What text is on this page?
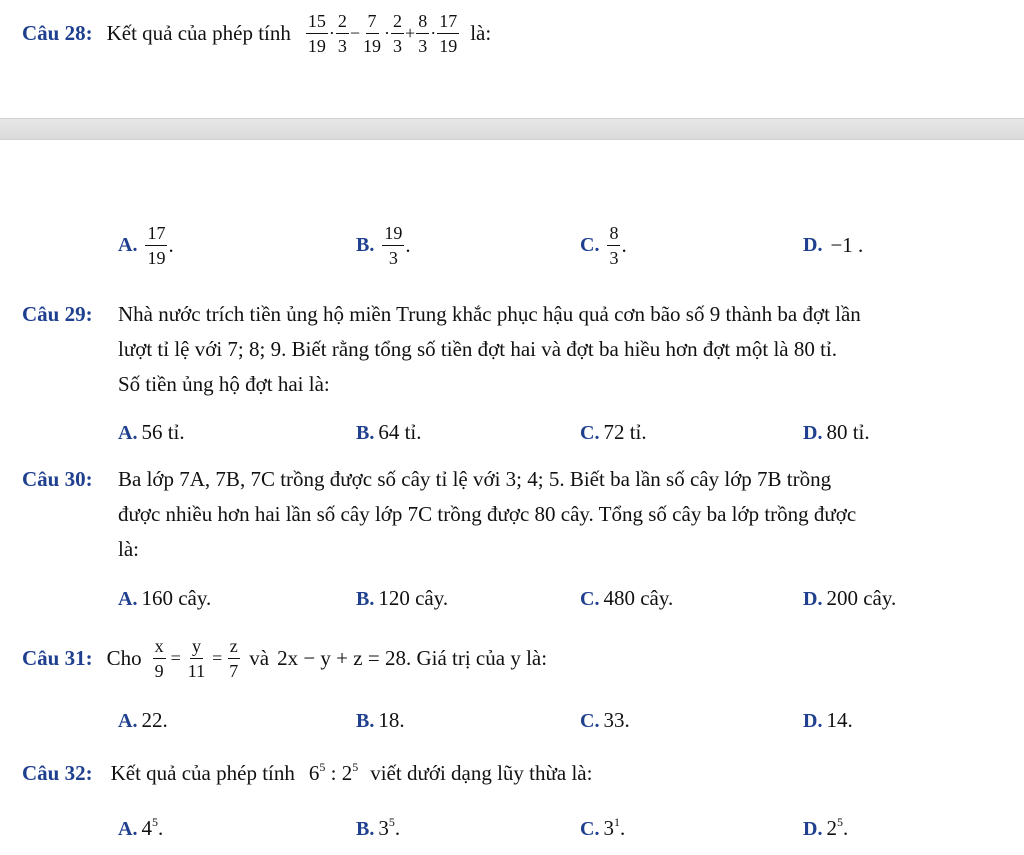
Câu 28: Kết quả của phép tính $\frac{15}{19} \cdot \frac{2}{3} - \frac{7}{19} \cdot \frac{2}{3} + \frac{8}{3} \cdot \frac{17}{19}$ là:
A. $\frac{17}{19}$ .	B. $\frac{19}{3}$ .	C. $\frac{8}{3}$ .	D. −1 .
Câu 29: Nhà nước trích tiền ủng hộ miền Trung khắc phục hậu quả cơn bão số 9 thành ba đợt lần
lượt tỉ lệ với 7; 8; 9. Biết rằng tổng số tiền đợt hai và đợt ba hiều hơn đợt một là 80 tỉ.
Số tiền ủng hộ đợt hai là:
A. 56 tỉ.	B. 64 tỉ.	C. 72 tỉ.	D. 80 tỉ.
Câu 30: Ba lớp 7A, 7B, 7C trồng được số cây tỉ lệ với 3; 4; 5. Biết ba lần số cây lớp 7B trồng
được nhiều hơn hai lần số cây lớp 7C trồng được 80 cây. Tổng số cây ba lớp trồng được
là:
A. 160 cây.	B. 120 cây.	C. 480 cây.	D. 200 cây.
Câu 31: Cho $\frac{x}{9} = \frac{y}{11} = \frac{z}{7}$ và 2x − y + z = 28 . Giá trị của y là:
A. 22.	B. 18.	C. 33.	D. 14.
Câu 32: Kết quả của phép tính $6^5$ : $2^5$ viết dưới dạng lũy thừa là:
A. $4^5$.	B. $3^5$.	C. $3^1$.	D. $2^5$.
